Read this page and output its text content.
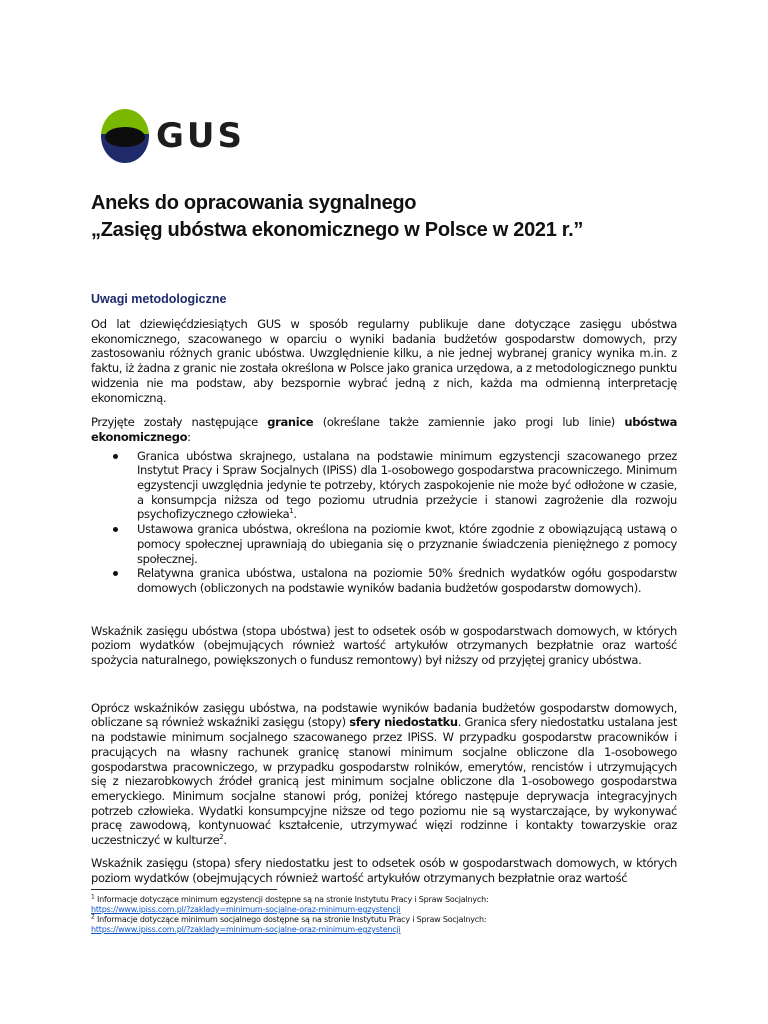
GUS
Aneks do opracowania sygnalnego
„Zasięg ubóstwa ekonomicznego w Polsce w 2021 r.”
Uwagi metodologiczne

Od lat dziewięćdziesiątych GUS w sposób regularny publikuje dane dotyczące zasięgu ubóstwa ekonomicznego, szacowanego w oparciu o wyniki badania budżetów gospodarstw domowych, przy zastosowaniu różnych granic ubóstwa. Uwzględnienie kilku, a nie jednej wybranej granicy wynika m.in. z faktu, iż żadna z granic nie została określona w Polsce jako granica urzędowa, a z metodologicznego punktu widzenia nie ma podstaw, aby bezspornie wybrać jedną z nich, każda ma odmienną interpretację ekonomiczną.

Przyjęte zostały następujące granice (określane także zamiennie jako progi lub linie) ubóstwa ekonomicznego:

Granica ubóstwa skrajnego, ustalana na podstawie minimum egzystencji szacowanego przez Instytut Pracy i Spraw Socjalnych (IPiSS) dla 1-osobowego gospodarstwa pracowniczego. Minimum egzystencji uwzględnia jedynie te potrzeby, których zaspokojenie nie może być odłożone w czasie, a konsumpcja niższa od tego poziomu utrudnia przeżycie i stanowi zagrożenie dla rozwoju psychofizycznego człowieka$^1$.
Ustawowa granica ubóstwa, określona na poziomie kwot, które zgodnie z obowiązującą ustawą o pomocy społecznej uprawniają do ubiegania się o przyznanie świadczenia pieniężnego z pomocy społecznej.
Relatywna granica ubóstwa, ustalona na poziomie 50% średnich wydatków ogółu gospodarstw domowych (obliczonych na podstawie wyników badania budżetów gospodarstw domowych).

Wskaźnik zasięgu ubóstwa (stopa ubóstwa) jest to odsetek osób w gospodarstwach domowych, w których poziom wydatków (obejmujących również wartość artykułów otrzymanych bezpłatnie oraz wartość spożycia naturalnego, powiększonych o fundusz remontowy) był niższy od przyjętej granicy ubóstwa.

Oprócz wskaźników zasięgu ubóstwa, na podstawie wyników badania budżetów gospodarstw domowych, obliczane są również wskaźniki zasięgu (stopy) sfery niedostatku. Granica sfery niedostatku ustalana jest na podstawie minimum socjalnego szacowanego przez IPiSS. W przypadku gospodarstw pracowników i pracujących na własny rachunek granicę stanowi minimum socjalne obliczone dla 1-osobowego gospodarstwa pracowniczego, w przypadku gospodarstw rolników, emerytów, rencistów i utrzymujących się z niezarobkowych źródeł granicą jest minimum socjalne obliczone dla 1-osobowego gospodarstwa emeryckiego. Minimum socjalne stanowi próg, poniżej którego następuje deprywacja integracyjnych potrzeb człowieka. Wydatki konsumpcyjne niższe od tego poziomu nie są wystarczające, by wykonywać pracę zawodową, kontynuować kształcenie, utrzymywać więzi rodzinne i kontakty towarzyskie oraz uczestniczyć w kulturze$^2$.

Wskaźnik zasięgu (stopa) sfery niedostatku jest to odsetek osób w gospodarstwach domowych, w których poziom wydatków (obejmujących również wartość artykułów otrzymanych bezpłatnie oraz wartość

$^1$ Informacje dotyczące minimum egzystencji dostępne są na stronie Instytutu Pracy i Spraw Socjalnych:
https://www.ipiss.com.pl/?zaklady=minimum-socjalne-oraz-minimum-egzystencji
$^2$ Informacje dotyczące minimum socjalnego dostępne są na stronie Instytutu Pracy i Spraw Socjalnych:
https://www.ipiss.com.pl/?zaklady=minimum-socjalne-oraz-minimum-egzystencji
